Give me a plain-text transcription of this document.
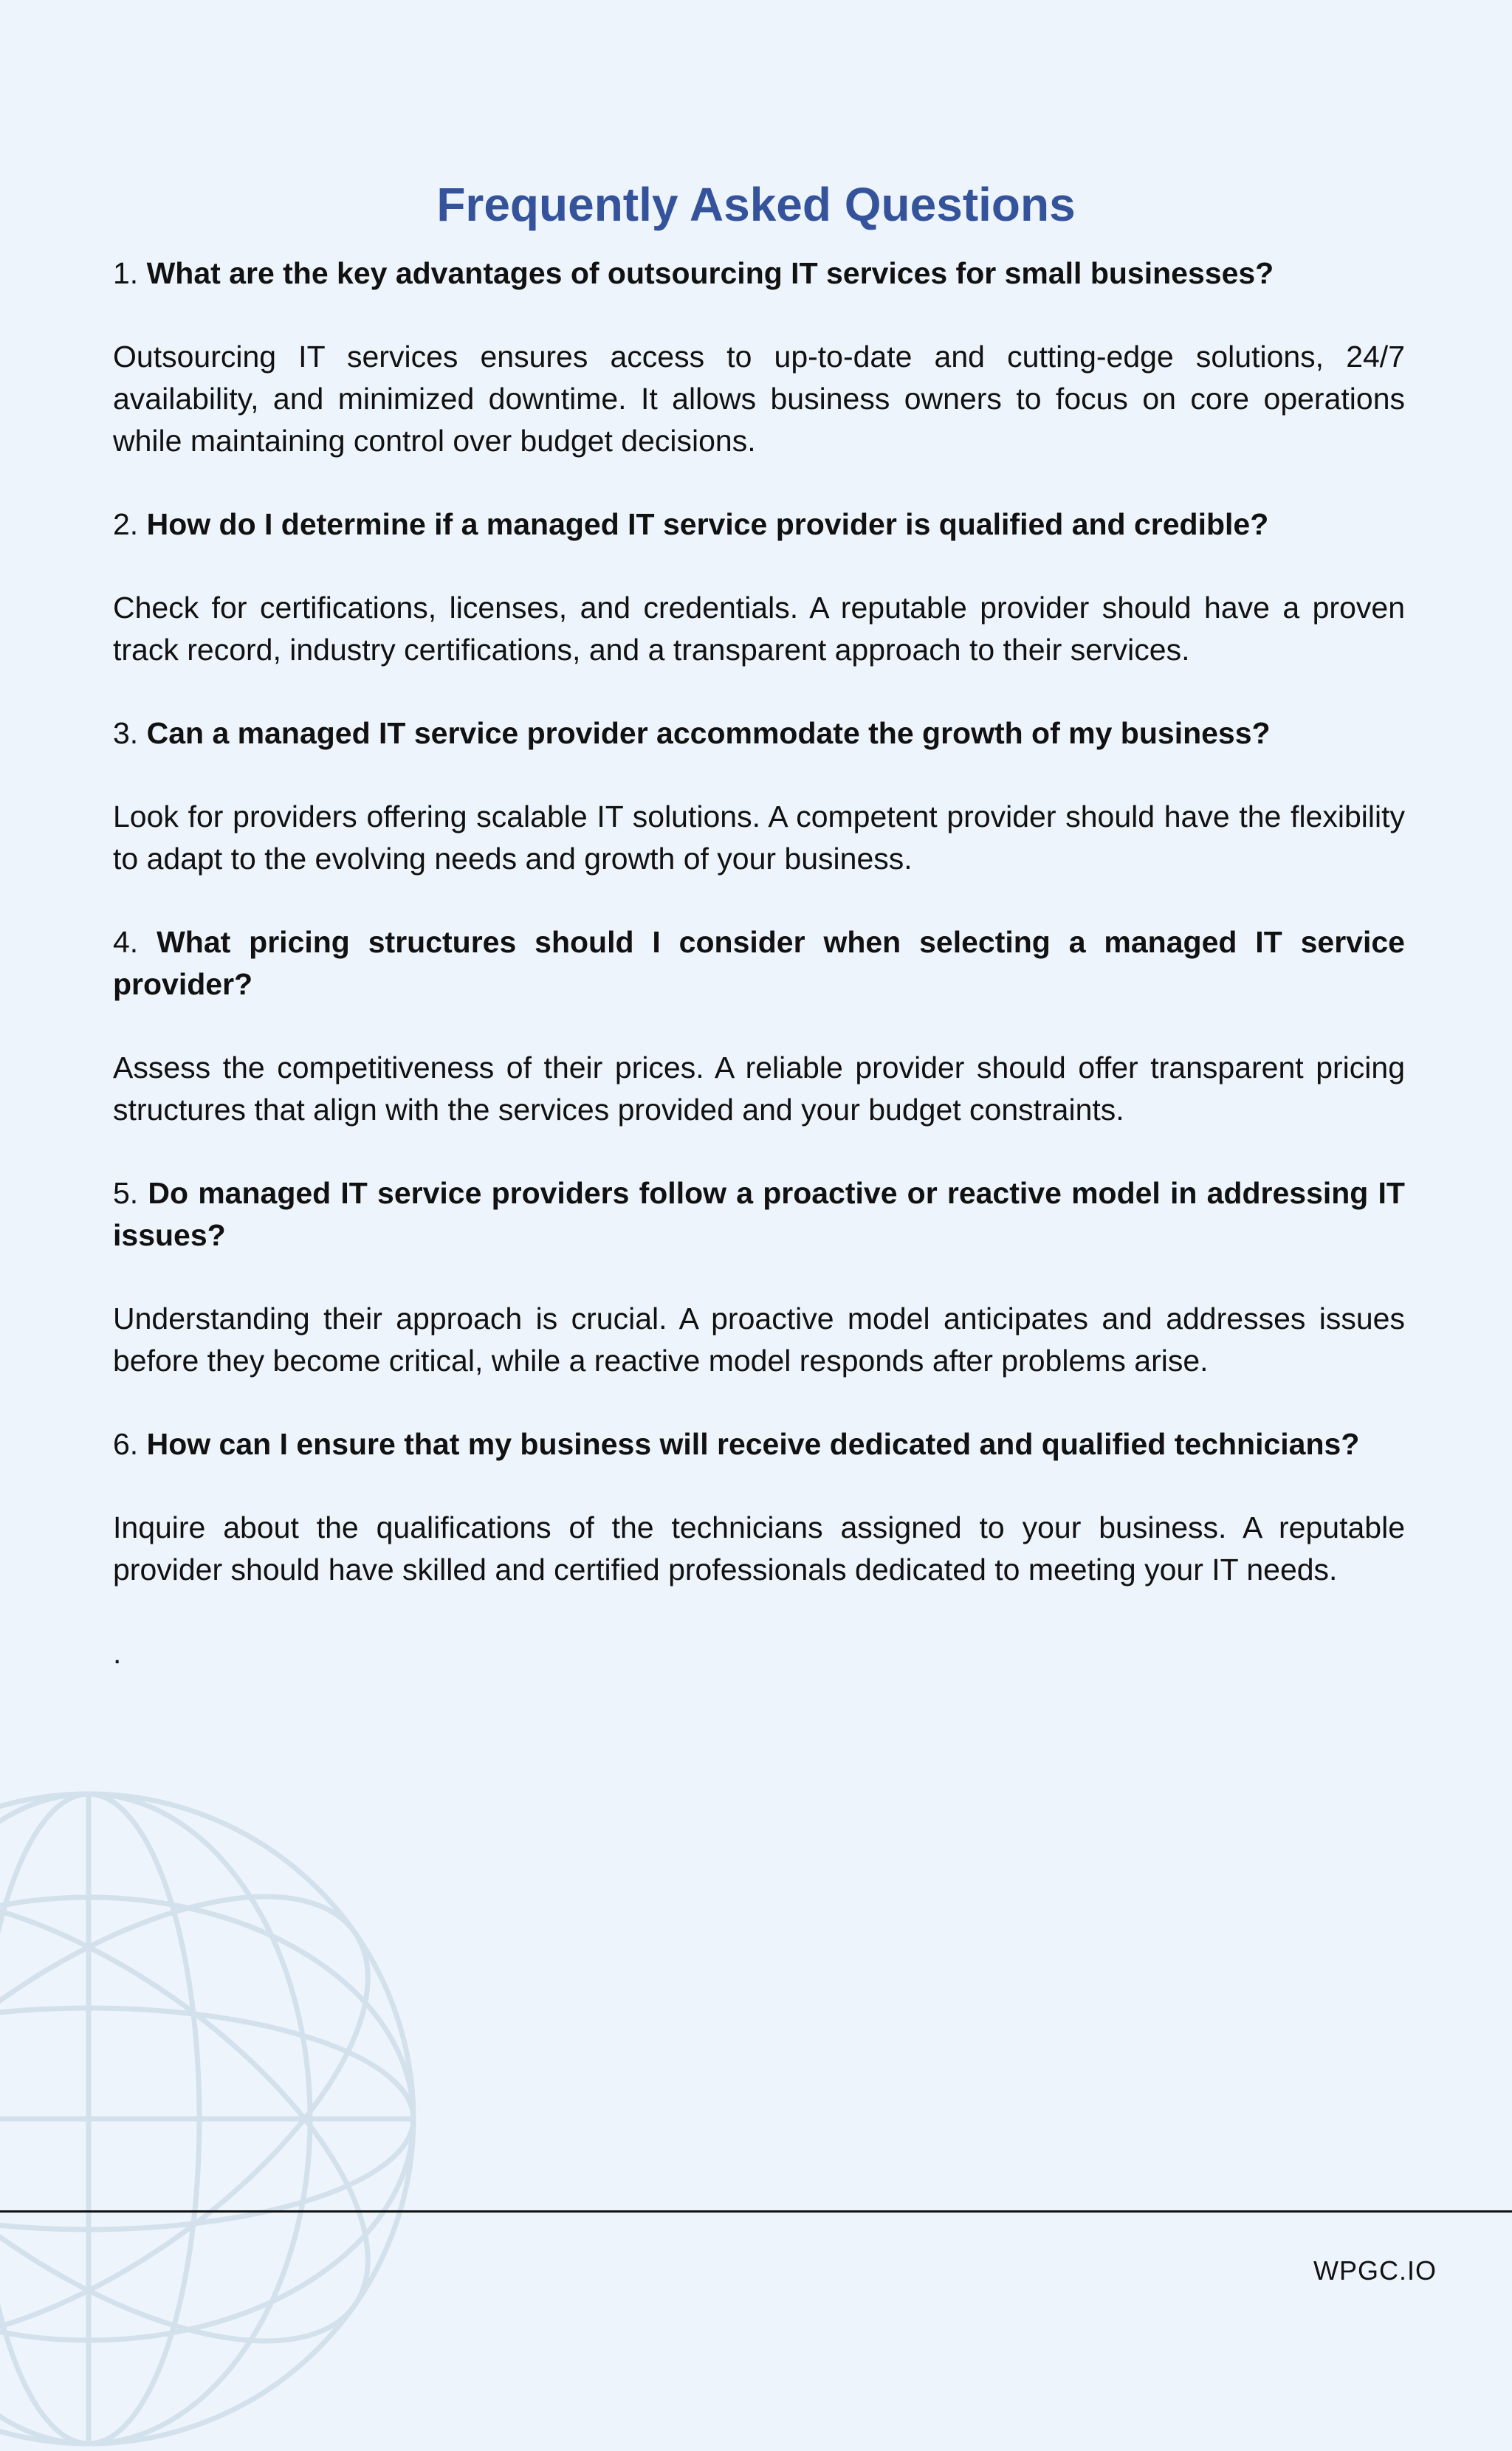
Frequently Asked Questions

1. What are the key advantages of outsourcing IT services for small businesses?

Outsourcing IT services ensures access to up-to-date and cutting-edge solutions, 24/7 availability, and minimized downtime. It allows business owners to focus on core operations while maintaining control over budget decisions.

2. How do I determine if a managed IT service provider is qualified and credible?

Check for certifications, licenses, and credentials. A reputable provider should have a proven track record, industry certifications, and a transparent approach to their services.

3. Can a managed IT service provider accommodate the growth of my business?

Look for providers offering scalable IT solutions. A competent provider should have the flexibility to adapt to the evolving needs and growth of your business.

4. What pricing structures should I consider when selecting a managed IT service provider?

Assess the competitiveness of their prices. A reliable provider should offer transparent pricing structures that align with the services provided and your budget constraints.

5. Do managed IT service providers follow a proactive or reactive model in addressing IT issues?

Understanding their approach is crucial. A proactive model anticipates and addresses issues before they become critical, while a reactive model responds after problems arise.

6. How can I ensure that my business will receive dedicated and qualified technicians?

Inquire about the qualifications of the technicians assigned to your business. A reputable provider should have skilled and certified professionals dedicated to meeting your IT needs.

.

WPGC.IO
